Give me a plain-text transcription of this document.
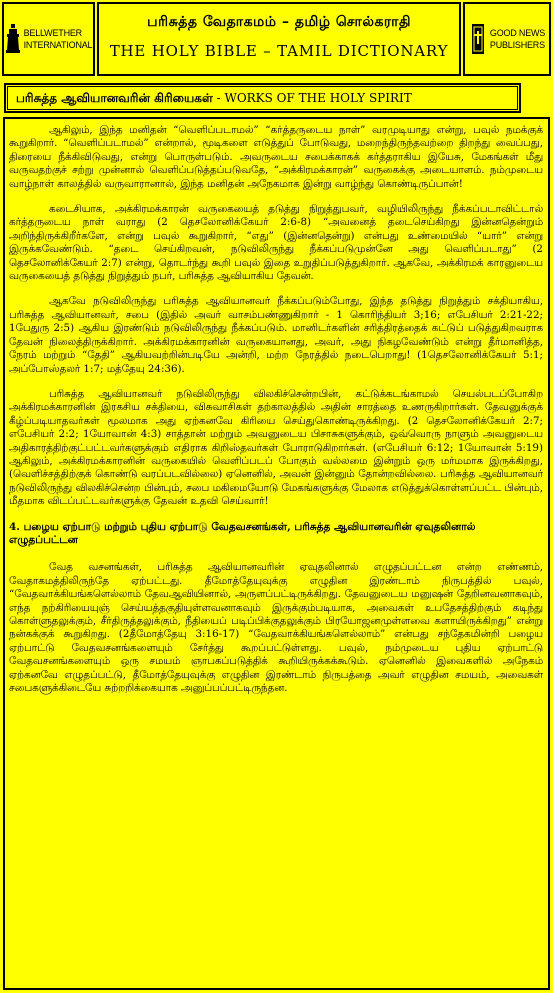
BELLWETHER
INTERNATIONAL
பரிசுத்த வேதாகமம் – தமிழ் சொல்கராதி
THE HOLY BIBLE – TAMIL DICTIONARY
GOOD NEWS
PUBLISHERS
பரிசுத்த ஆவியானவரின் கிரியைகள் - WORKS OF THE HOLY SPIRIT

ஆகிலும், இந்த மனிதன் “வெளிப்படாமல்” “கர்த்தருடைய நாள்” வரமுடியாது என்று, பவுல் நமக்குக் கூறுகிறார். “வெளிப்படாமல்” என்றால், மூடிகளை எடுத்துப் போடுவது, மறைந்திருந்தவற்றை திறந்து வைப்பது, திரையை நீக்கிவிடுவது, என்று பொருள்படும். அவருடைய சபைக்காகக் கர்த்தராகிய இயேசு, மேகங்கள் மீது வருவதற்குச் சற்று முன்னால் வெளிப்படுத்தப்படுவதே, “அக்கிரமக்காரன்” வருகைக்கு அடையாளம். நம்முடைய வாழ்நாள் காலத்தில் வருவாரானால், இந்த மனிதன் அநேகமாக இன்று வாழ்ந்து கொண்டிருப்பான்!

கடைசியாக, அக்கிரமக்காரன் வருகையைத் தடுத்து நிறுத்துபவர், வழியிலிருந்து நீக்கப்படாவிட்டால் கர்த்தருடைய நாள் வராது (2 தெசலோனிக்கேயர் 2:6-8) “அவனைத் தடைசெய்கிறது இன்னதென்றும் அறிந்திருக்கிறீர்களே, என்று பவுல் கூறுகிறார், “எது” (இன்னதென்று) என்பது உண்மையில் “யார்” என்று இருக்கவேண்டும். “தடை செய்கிறவன், நடுவிலிருந்து நீக்கப்படுமுன்னே அது வெளிப்படாது” (2 தெசலோனிக்கேயர் 2:7) என்று, தொடர்ந்து கூறி பவுல் இதை உறுதிப்படுத்துகிறார். ஆகவே, அக்கிரமக் காரனுடைய வருகையைத் தடுத்து நிறுத்தும் நபர், பரிசுத்த ஆவியாகிய தேவன்.

ஆகவே நடுவிலிருந்து பரிசுத்த ஆவியானவர் நீக்கப்படும்போது, இந்த தடுத்து நிறுத்தும் சக்தியாகிய, பரிசுத்த ஆவியானவர், சபை (இதில் அவர் வாசம்பண்ணுகிறார் - 1 கொரிந்தியர் 3;16; எபேசியர் 2:21-22; 1பேதுரு 2:5) ஆகிய இரண்டும் நடுவிலிருந்து நீக்கப்படும். மானிடர்களின் சரித்திரத்தைக் கட்டுப் படுத்துகிறவராக தேவன் நிலைத்திருக்கிறார். அக்கிரமக்காரனின் வருகையானது, அவர், அது நிகழவேண்டும் என்று தீர்மானித்த, நேரம் மற்றும் “தேதி” ஆகியவற்றின்படியே அன்றி, மற்ற நேரத்தில் நடைபெறாது! (1தெசலோனிக்கேயர் 5:1; அப்போஸ்தலர் 1:7; மத்தேயு 24:36).

பரிசுத்த ஆவியானவர் நடுவிலிருந்து விலகிச்சென்றபின், கட்டுக்கடங்காமல் செயல்படப்போகிற அக்கிரமக்காரனின் இரகசிய சக்தியை, விசுவாசிகள் தற்காலத்தில் அதின் சாரத்தை உணருகிறார்கள். தேவனுக்குக் கீழ்ப்படியாதவர்கள் மூலமாக அது ஏற்கனவே கிரியை செய்துகொண்டிருக்கிறது. (2 தெசலோனிக்கேயர் 2:7; எபேசியர் 2:2; 1யோவான் 4:3) சாத்தான் மற்றும் அவனுடைய பிசாசுகளுக்கும், ஒவ்வொரு நாளும் அவனுடைய அதிகாரத்திற்குட்பட்டவர்களுக்கும் எதிராக கிறிஸ்தவர்கள் போராடுகிறார்கள். (எபேசியர் 6:12; 1யோவான் 5:19) ஆகிலும், அக்கிரமக்காரனின் வருகையில் வெளிப்படப் போகும் வல்லமை இன்றும் ஒரு மர்மமாக இருக்கிறது, (வெளிச்சத்திற்குக் கொண்டு வரப்படவில்லை) ஏனெனில், அவன் இன்னும் தோன்றவில்லை. பரிசுத்த ஆவியானவர் நடுவிலிருந்து விலகிச்சென்ற பின்பும், சபை மகிமையோடு மேகங்களுக்கு மேலாக எடுத்துக்கொள்ளப்பட்ட பின்பும், மீதமாக விடப்பட்டவர்களுக்கு தேவன் உதவி செய்வார்!

4. பழைய ஏற்பாடு மற்றும் புதிய ஏற்பாடு வேதவசனங்கள், பரிசுத்த ஆவியானவரின் ஏவுதலினால் எழுதப்பட்டன

வேத வசனங்கள், பரிசுத்த ஆவியானவரின் ஏவுதலினால் எழுதப்பட்டன என்ற எண்ணம், வேதாகமத்திலிருந்தே ஏற்பட்டது. தீமோத்தேயுவுக்கு எழுதின இரண்டாம் நிருபத்தில் பவுல், “வேதவாக்கியங்களெல்லாம் தேவஆவியினால், அருளப்பட்டிருக்கிறது. தேவனுடைய மனுஷன் தேறினவனாகவும், எந்த நற்கிரியையுஞ் செய்யத்தகுதியுள்ளவனாகவும் இருக்கும்படியாக, அவைகள் உபதேசத்திற்கும் கடிந்து கொள்ளுதலுக்கும், சீர்திருத்தலுக்கும், நீதியைப் படிப்பிக்குதலுக்கும் பிரயோஜனமுள்ளவை களாயிருக்கிறது” என்று நன்கக்குக் கூறுகிறது. (2தீமோத்தேயு 3:16-17) “வேதவாக்கியங்களெல்லாம்” என்பது சந்தேகமின்றி பழைய ஏற்பாட்டு வேதவசனங்களையும் சேர்த்து கூறப்பட்டுள்ளது. பவுல், நம்முடைய புதிய ஏற்பாட்டு வேதவசனங்களையும் ஒரு சமயம் ஞாபகப்படுத்திக் கூறியிருக்கக்கூடும். ஏனெனில் இவைகளில் அநேகம் ஏற்கனவே எழுதப்பட்டு, தீமோத்தேயுவுக்கு எழுதின இரண்டாம் நிருபத்தை அவர் எழுதின சமயம், அவைகள் சபைகளுக்கிடையே சுற்றறிக்கையாக அனுப்பப்பட்டிருந்தன.
